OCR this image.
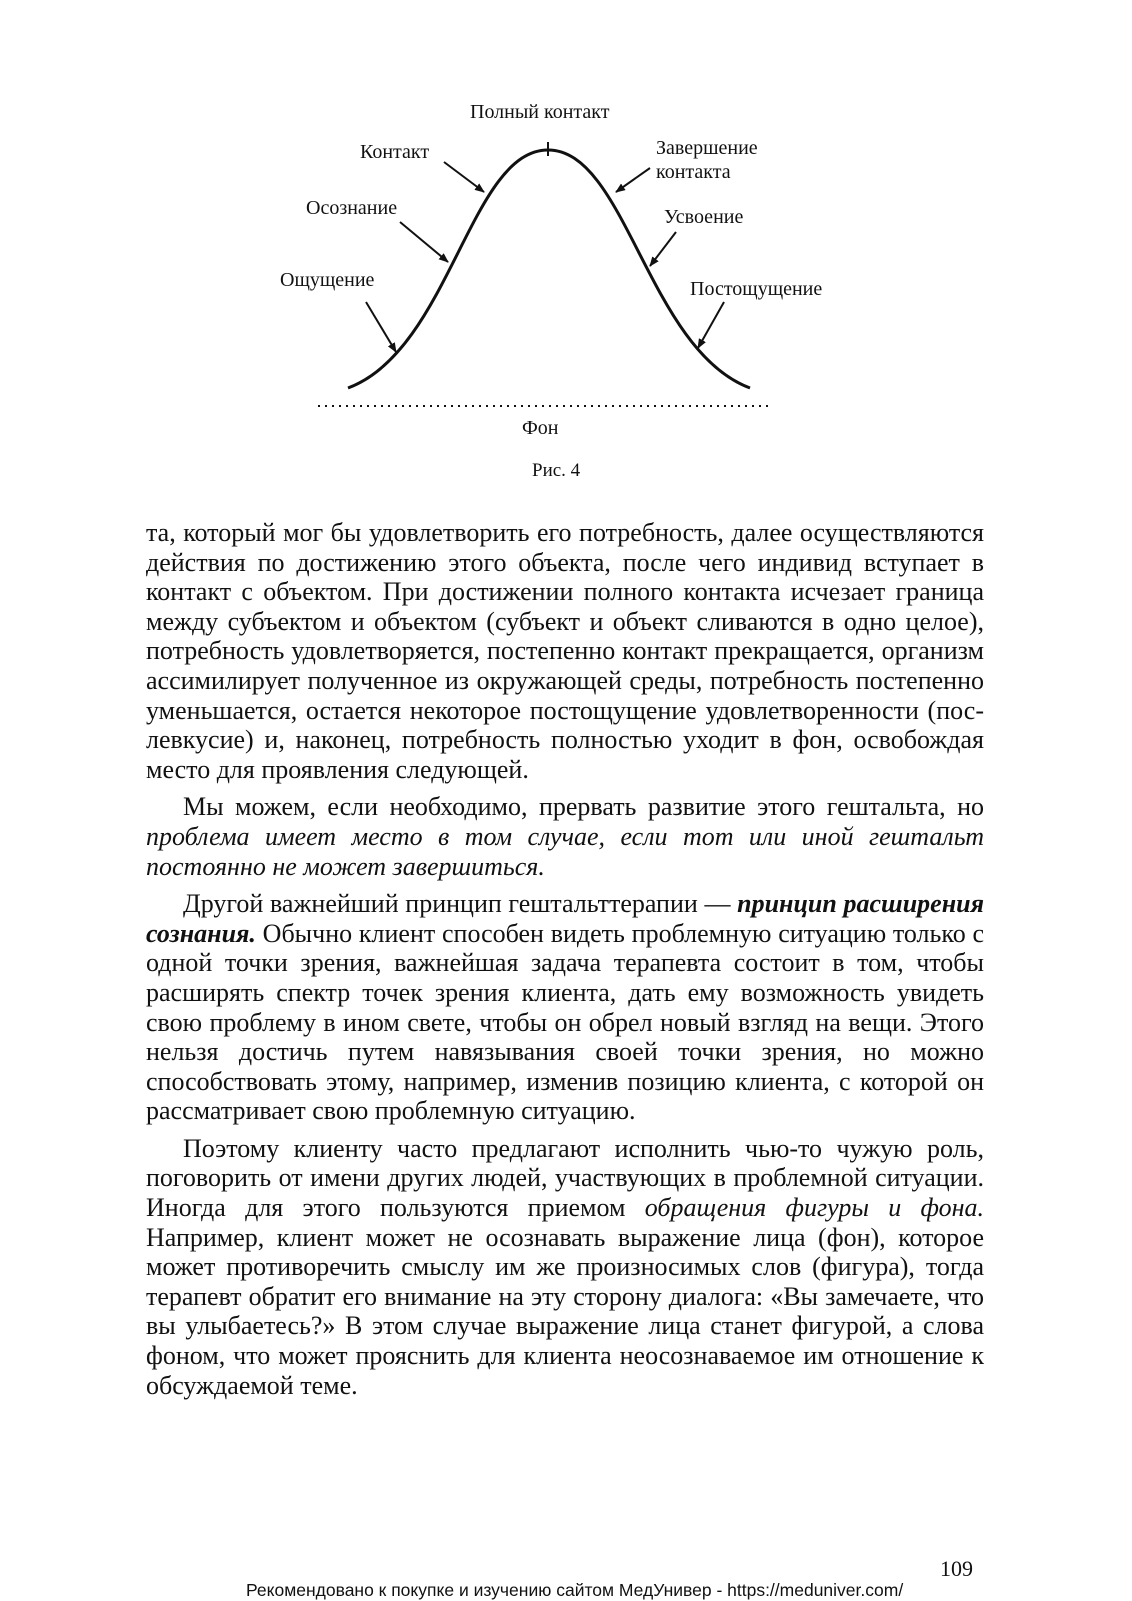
Полный контакт
Контакт	Завершение
контакта
Осознание	Усвоение
Ощущение	Постощущение
Фон
Рис. 4

та, который мог бы удовлетворить его потребность, далее осуществляются действия по достижению этого объекта, после чего индивид вступает в контакт с объектом. При достижении полного контакта исчезает граница между субъектом и объектом (субъект и объект сливаются в одно целое), потребность удовлетворяется, постепенно контакт прекращается, организм ассимилирует полученное из окружающей среды, потребность постепенно уменьшается, остается некоторое постощущение удовлетворенности (послевкусие) и, наконец, потребность полностью уходит в фон, освобождая место для проявления следующей.

Мы можем, если необходимо, прервать развитие этого гештальта, но проблема имеет место в том случае, если тот или иной гештальт постоянно не может завершиться.

Другой важнейший принцип гештальттерапии — принцип расширения сознания. Обычно клиент способен видеть проблемную ситуацию только с одной точки зрения, важнейшая задача терапевта состоит в том, чтобы расширять спектр точек зрения клиента, дать ему возможность увидеть свою проблему в ином свете, чтобы он обрел новый взгляд на вещи. Этого нельзя достичь путем навязывания своей точки зрения, но можно способствовать этому, например, изменив позицию клиента, с которой он рассматривает свою проблемную ситуацию.

Поэтому клиенту часто предлагают исполнить чью-то чужую роль, поговорить от имени других людей, участвующих в проблемной ситуации. Иногда для этого пользуются приемом обращения фигуры и фона. Например, клиент может не осознавать выражение лица (фон), которое может противоречить смыслу им же произносимых слов (фигура), тогда терапевт обратит его внимание на эту сторону диалога: «Вы замечаете, что вы улыбаетесь?» В этом случае выражение лица станет фигурой, а слова фоном, что может прояснить для клиента неосознаваемое им отношение к обсуждаемой теме.

109
Рекомендовано к покупке и изучению сайтом МедУнивер - https://meduniver.com/
